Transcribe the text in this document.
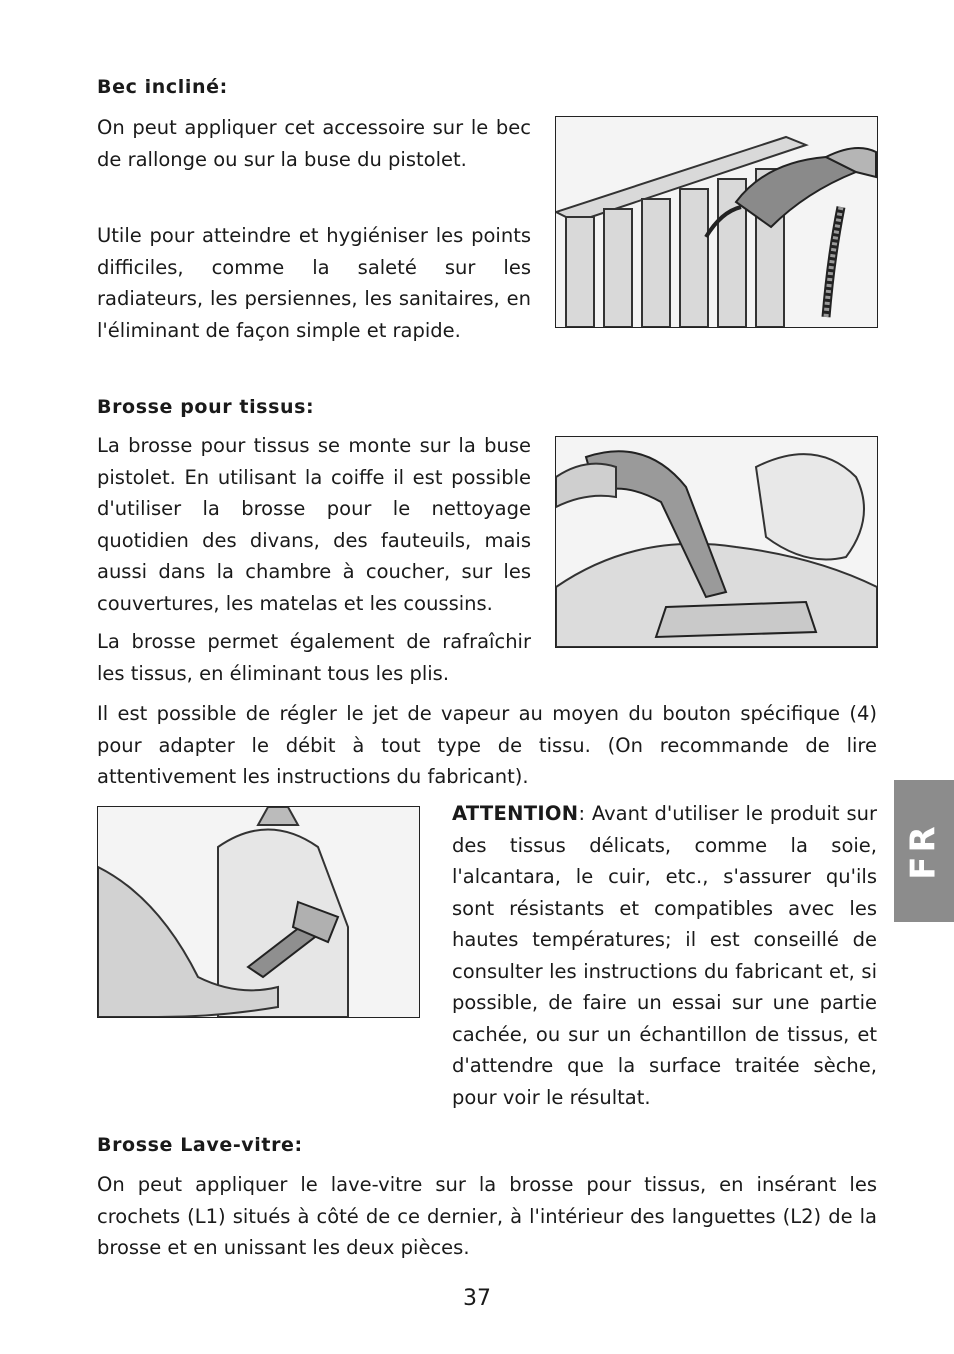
Bec incliné:

On peut appliquer cet accessoire sur le bec de rallonge ou sur la buse du pistolet.

Utile pour atteindre et hygiéniser les points difficiles, comme la saleté sur les radiateurs, les persiennes, les sanitaires, en l'éliminant de façon simple et rapide.

Brosse pour tissus:

La brosse pour tissus se monte sur la buse pistolet. En utilisant la coiffe il est possible d'utiliser la brosse pour le nettoyage quotidien des divans, des fauteuils, mais aussi dans la chambre à coucher, sur les couvertures, les matelas et les coussins.

La brosse permet également de rafraîchir les tissus, en éliminant tous les plis.

Il est possible de régler le jet de vapeur au moyen du bouton spécifique (4) pour adapter le débit à tout type de tissu. (On recommande de lire attentivement les instructions du fabricant).

ATTENTION: Avant d'utiliser le produit sur des tissus délicats, comme la soie, l'alcantara, le cuir, etc., s'assurer qu'ils sont résistants et compatibles avec les hautes températures; il est conseillé de consulter les instructions du fabricant et, si possible, de faire un essai sur une partie cachée, ou sur un échantillon de tissus, et d'attendre que la surface traitée sèche, pour voir le résultat.

FR
Brosse Lave-vitre:

On peut appliquer le lave-vitre sur la brosse pour tissus, en insérant les crochets (L1) situés à côté de ce dernier, à l'intérieur des languettes (L2) de la brosse et en unissant les deux pièces.

37
